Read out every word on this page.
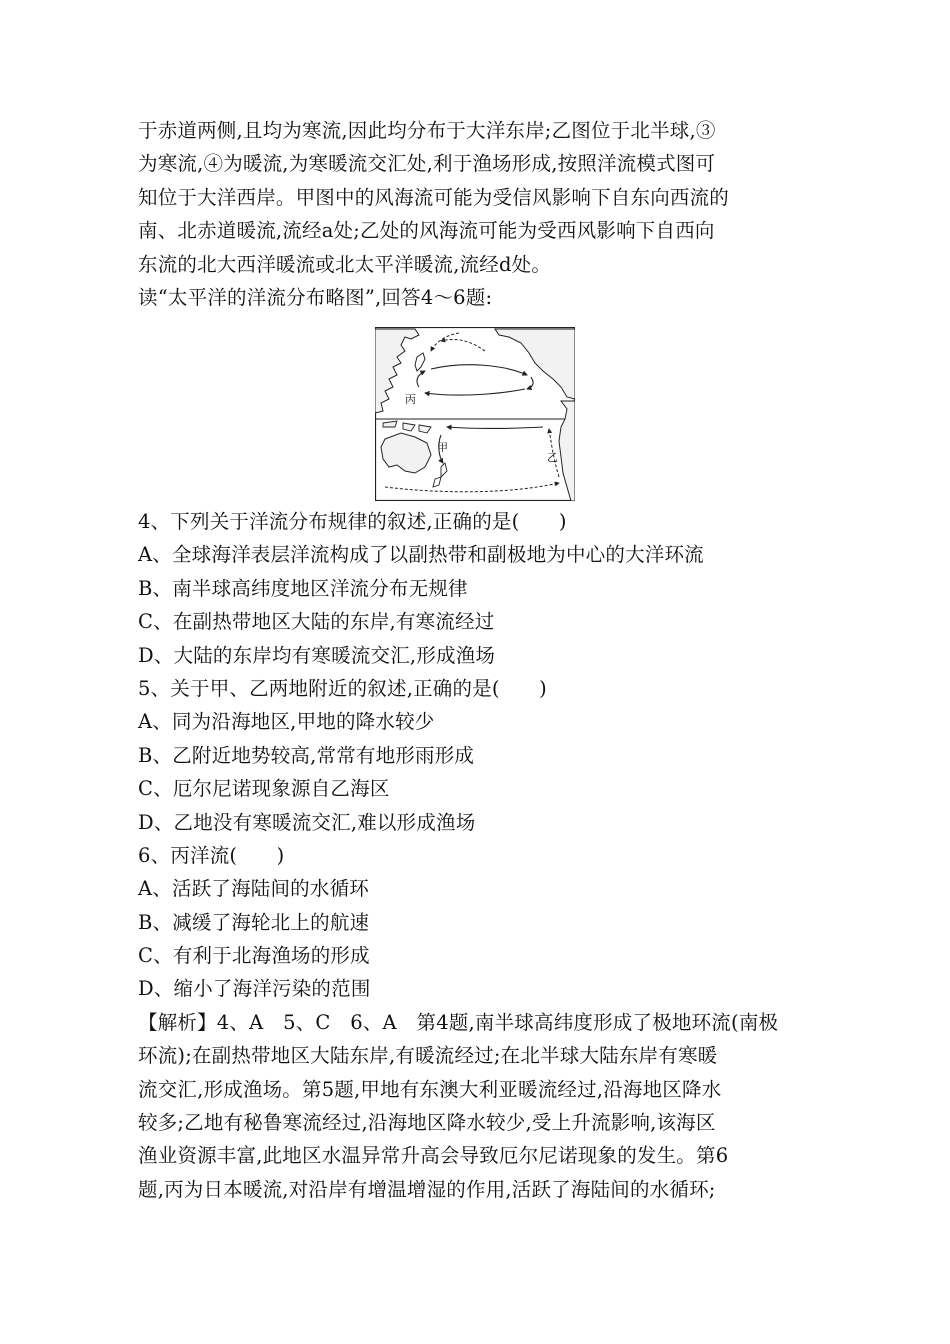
于赤道两侧,且均为寒流,因此均分布于大洋东岸;乙图位于北半球,③
为寒流,④为暖流,为寒暖流交汇处,利于渔场形成,按照洋流模式图可
知位于大洋西岸。甲图中的风海流可能为受信风影响下自东向西流的
南、北赤道暖流,流经a处;乙处的风海流可能为受西风影响下自西向
东流的北大西洋暖流或北太平洋暖流,流经d处。
读“太平洋的洋流分布略图”,回答4～6题:
丙
甲
乙
4、下列关于洋流分布规律的叙述,正确的是(　　)
A、全球海洋表层洋流构成了以副热带和副极地为中心的大洋环流
B、南半球高纬度地区洋流分布无规律
C、在副热带地区大陆的东岸,有寒流经过
D、大陆的东岸均有寒暖流交汇,形成渔场
5、关于甲、乙两地附近的叙述,正确的是(　　)
A、同为沿海地区,甲地的降水较少
B、乙附近地势较高,常常有地形雨形成
C、厄尔尼诺现象源自乙海区
D、乙地没有寒暖流交汇,难以形成渔场
6、丙洋流(　　)
A、活跃了海陆间的水循环
B、减缓了海轮北上的航速
C、有利于北海渔场的形成
D、缩小了海洋污染的范围
【解析】4、A　5、C　6、A　第4题,南半球高纬度形成了极地环流(南极
环流);在副热带地区大陆东岸,有暖流经过;在北半球大陆东岸有寒暖
流交汇,形成渔场。第5题,甲地有东澳大利亚暖流经过,沿海地区降水
较多;乙地有秘鲁寒流经过,沿海地区降水较少,受上升流影响,该海区
渔业资源丰富,此地区水温异常升高会导致厄尔尼诺现象的发生。第6
题,丙为日本暖流,对沿岸有增温增湿的作用,活跃了海陆间的水循环;
